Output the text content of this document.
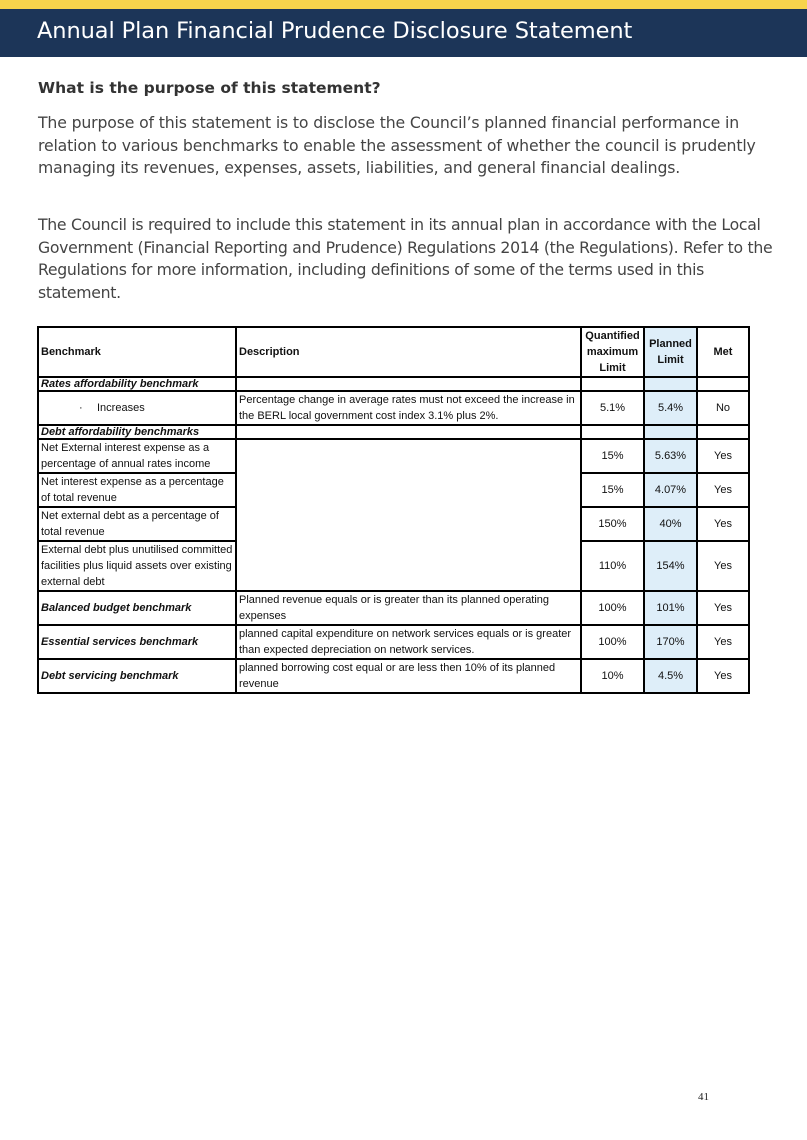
Annual Plan Financial Prudence Disclosure Statement
What is the purpose of this statement?
The purpose of this statement is to disclose the Council’s planned financial performance in relation to various benchmarks to enable the assessment of whether the council is prudently managing its revenues, expenses, assets, liabilities, and general financial dealings.
The Council is required to include this statement in its annual plan in accordance with the Local Government (Financial Reporting and Prudence) Regulations 2014 (the Regulations). Refer to the Regulations for more information, including definitions of some of the terms used in this statement.
Benchmark	Description	Quantified maximum Limit	Planned Limit	Met
Rates affordability benchmark				
· Increases	Percentage change in average rates must not exceed the increase in the BERL local government cost index 3.1% plus 2%.	5.1%	5.4%	No
Debt affordability benchmarks				
Net External interest expense as a percentage of annual rates income		15%	5.63%	Yes
Net interest expense as a percentage of total revenue		15%	4.07%	Yes
Net external debt as a percentage of total revenue		150%	40%	Yes
External debt plus unutilised committed facilities plus liquid assets over existing external debt		110%	154%	Yes
Balanced budget benchmark	Planned revenue equals or is greater than its planned operating expenses	100%	101%	Yes
Essential services benchmark	planned capital expenditure on network services equals or is greater than expected depreciation on network services.	100%	170%	Yes
Debt servicing benchmark	planned borrowing cost equal or are less then 10% of its planned revenue	10%	4.5%	Yes
41
